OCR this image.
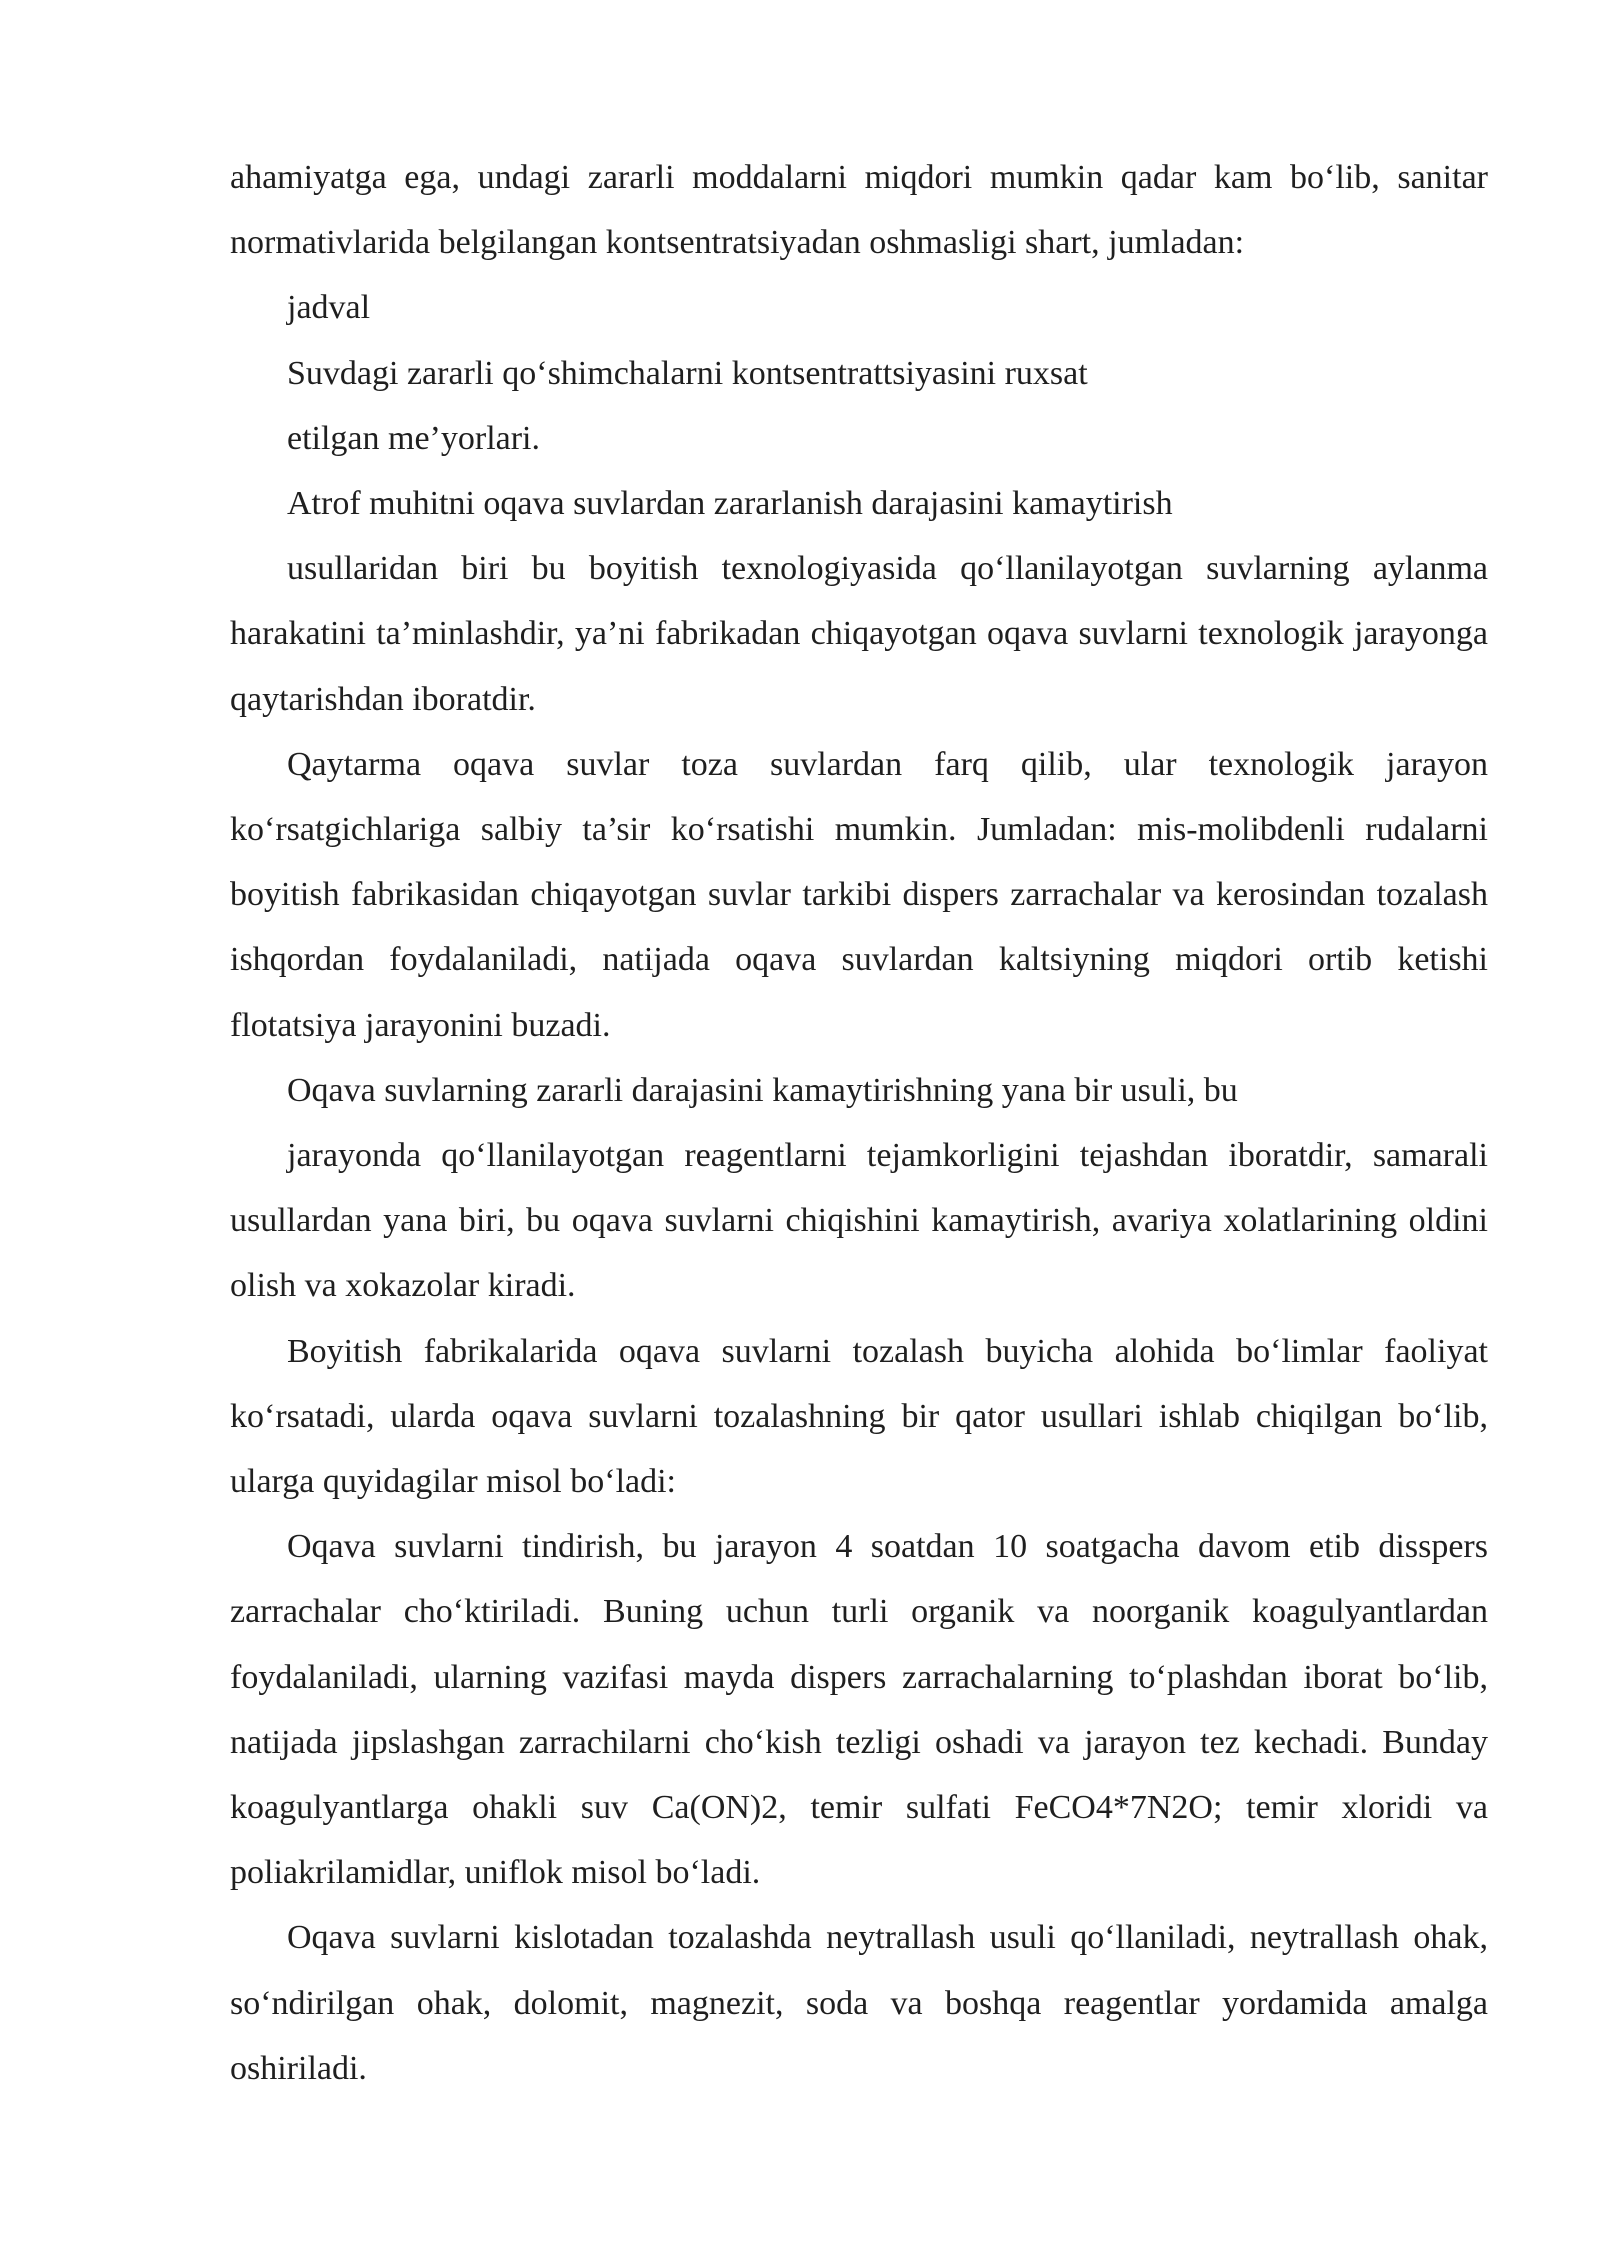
ahamiyatga ega, undagi zararli moddalarni miqdori mumkin qadar kam bo‘lib, sanitar normativlarida belgilangan kontsentratsiyadan oshmasligi shart, jumladan:

jadval

Suvdagi zararli qo‘shimchalarni kontsentrattsiyasini ruxsat

etilgan me’yorlari.

Atrof muhitni oqava suvlardan zararlanish darajasini kamaytirish

usullaridan biri bu boyitish texnologiyasida qo‘llanilayotgan suvlarning aylanma harakatini ta’minlashdir, ya’ni fabrikadan chiqayotgan oqava suvlarni texnologik jarayonga qaytarishdan iboratdir.

Qaytarma oqava suvlar toza suvlardan farq qilib, ular texnologik jarayon ko‘rsatgichlariga salbiy ta’sir ko‘rsatishi mumkin. Jumladan: mis-molibdenli rudalarni boyitish fabrikasidan chiqayotgan suvlar tarkibi dispers zarrachalar va kerosindan tozalash ishqordan foydalaniladi, natijada oqava suvlardan kaltsiyning miqdori ortib ketishi flotatsiya jarayonini buzadi.

Oqava suvlarning zararli darajasini kamaytirishning yana bir usuli, bu

jarayonda qo‘llanilayotgan reagentlarni tejamkorligini tejashdan iboratdir, samarali usullardan yana biri, bu oqava suvlarni chiqishini kamaytirish, avariya xolatlarining oldini olish va xokazolar kiradi.

Boyitish fabrikalarida oqava suvlarni tozalash buyicha alohida bo‘limlar faoliyat ko‘rsatadi, ularda oqava suvlarni tozalashning bir qator usullari ishlab chiqilgan bo‘lib, ularga quyidagilar misol bo‘ladi:

Oqava suvlarni tindirish, bu jarayon 4 soatdan 10 soatgacha davom etib disspers zarrachalar cho‘ktiriladi. Buning uchun turli organik va noorganik koagulyantlardan foydalaniladi, ularning vazifasi mayda dispers zarrachalarning to‘plashdan iborat bo‘lib, natijada jipslashgan zarrachilarni cho‘kish tezligi oshadi va jarayon tez kechadi. Bunday koagulyantlarga ohakli suv Ca(ON)2, temir sulfati FeCO4*7N2O; temir xloridi va poliakrilamidlar, uniflok misol bo‘ladi.

Oqava suvlarni kislotadan tozalashda neytrallash usuli qo‘llaniladi, neytrallash ohak, so‘ndirilgan ohak, dolomit, magnezit, soda va boshqa reagentlar yordamida amalga oshiriladi.
